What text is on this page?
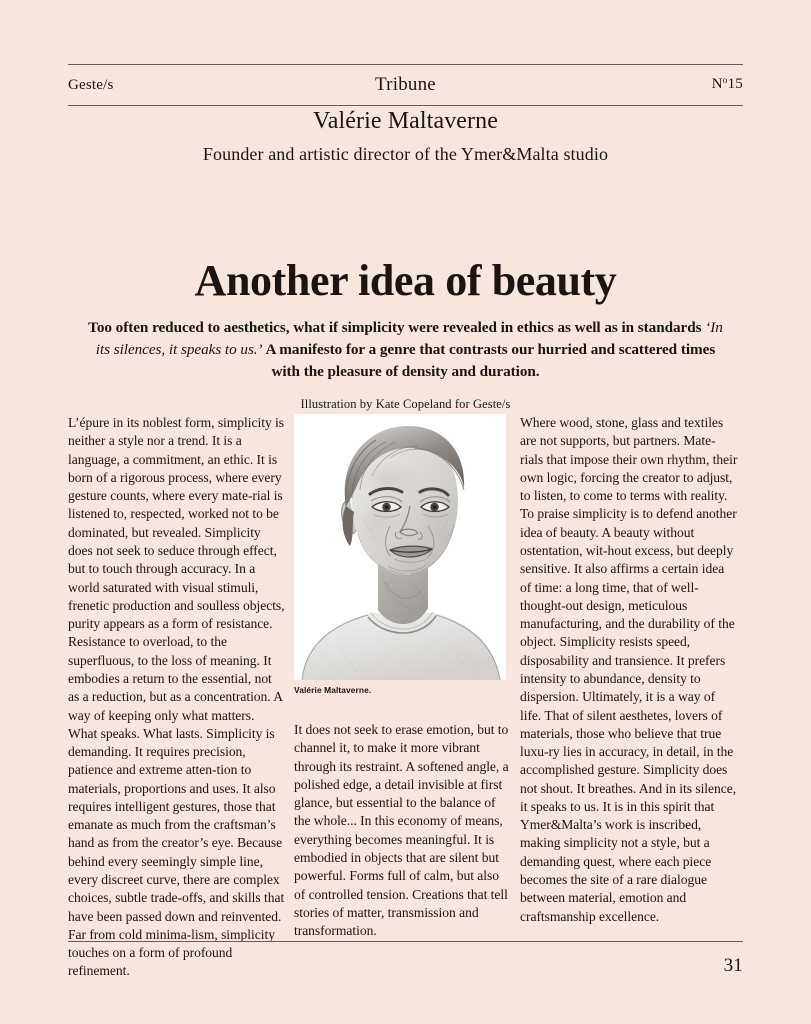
Geste/s	Tribune	$N^o15$
Valérie Maltaverne
Founder and artistic director of the Ymer&Malta studio
Another idea of beauty
Too often reduced to aesthetics, what if simplicity were revealed in ethics as well as in standards ‘In its silences, it speaks to us.’ A manifesto for a genre that contrasts our hurried and scattered times with the pleasure of density and duration.
Illustration by Kate Copeland for Geste/s

L’épure in its noblest form, simplicity is neither a style nor a trend. It is a language, a commitment, an ethic. It is born of a rigorous process, where every gesture counts, where every mate-rial is listened to, respected, worked not to be dominated, but revealed. Simplicity does not seek to seduce through effect, but to touch through accuracy. In a world saturated with visual stimuli, frenetic production and soulless objects, purity appears as a form of resistance. Resistance to overload, to the superfluous, to the loss of meaning. It embodies a return to the essential, not as a reduction, but as a concentration. A way of keeping only what matters. What speaks. What lasts. Simplicity is demanding. It requires precision, patience and extreme atten-tion to materials, proportions and uses. It also requires intelligent gestures, those that emanate as much from the craftsman’s hand as from the creator’s eye. Because behind every seemingly simple line, every discreet curve, there are complex choices, subtle trade-offs, and skills that have been passed down and reinvented. Far from cold minima-lism, simplicity touches on a form of profound refinement.

Valérie Maltaverne.

It does not seek to erase emotion, but to channel it, to make it more vibrant through its restraint. A softened angle, a polished edge, a detail invisible at first glance, but essential to the balance of the whole... In this economy of means, everything becomes meaningful. It is embodied in objects that are silent but powerful. Forms full of calm, but also of controlled tension. Creations that tell stories of matter, transmission and transformation.

Where wood, stone, glass and textiles are not supports, but partners. Mate-rials that impose their own rhythm, their own logic, forcing the creator to adjust, to listen, to come to terms with reality. To praise simplicity is to defend another idea of beauty. A beauty without ostentation, wit-hout excess, but deeply sensitive. It also affirms a certain idea of time: a long time, that of well-thought-out design, meticulous manufacturing, and the durability of the object. Simplicity resists speed, disposability and transience. It prefers intensity to abundance, density to dispersion. Ultimately, it is a way of life. That of silent aesthetes, lovers of materials, those who believe that true luxu-ry lies in accuracy, in detail, in the accomplished gesture. Simplicity does not shout. It breathes. And in its silence, it speaks to us. It is in this spirit that Ymer&Malta’s work is inscribed, making simplicity not a style, but a demanding quest, where each piece becomes the site of a rare dialogue between material, emotion and craftsmanship excellence.

31
